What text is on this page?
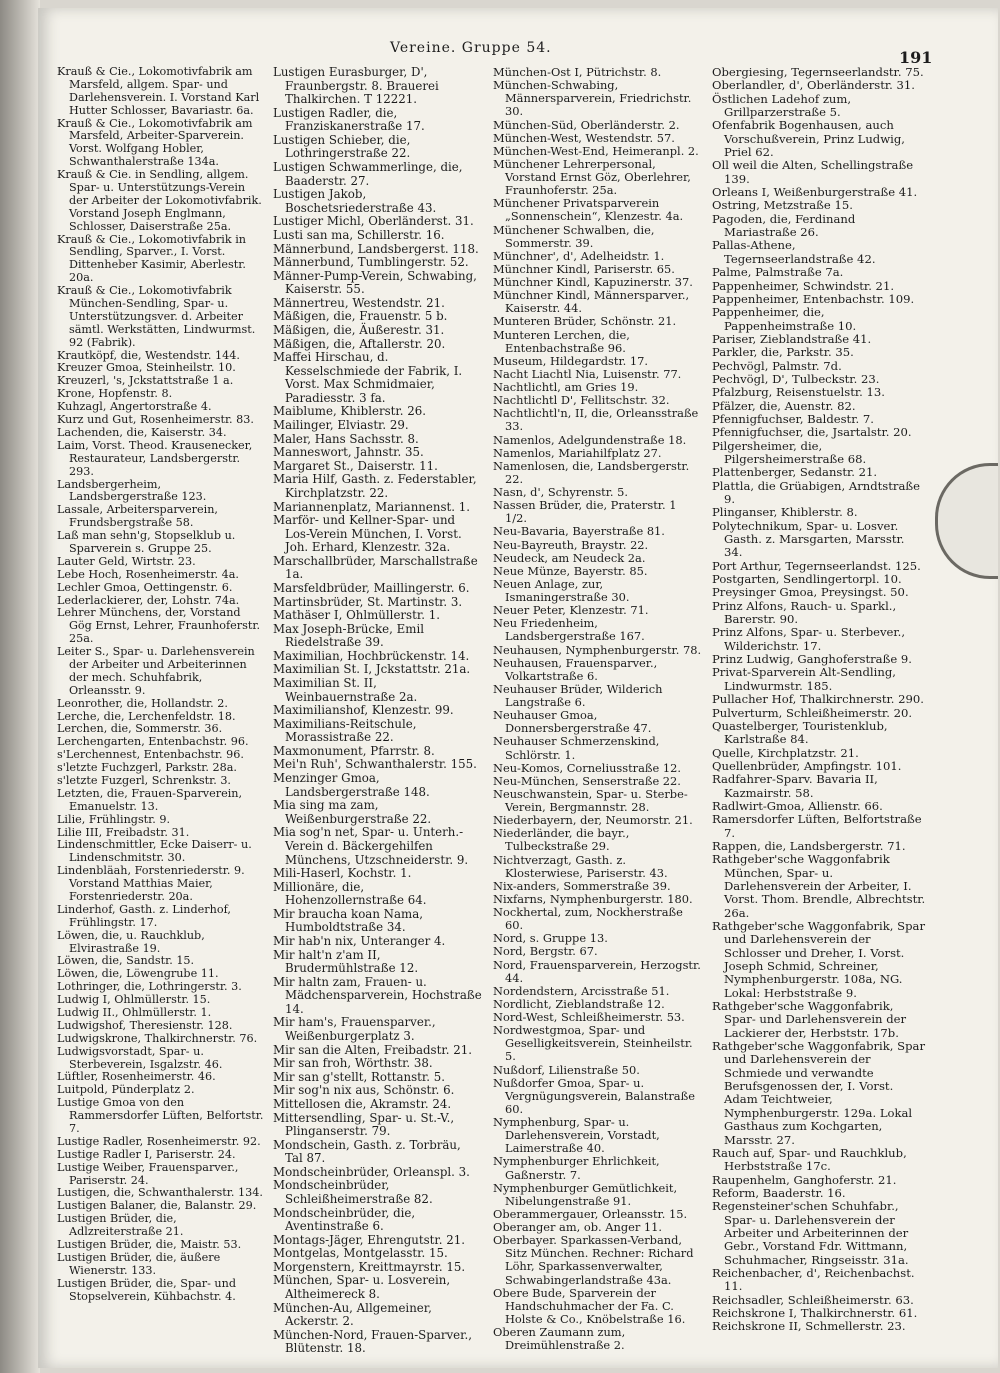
Vereine. Gruppe 54.	191
Krauß & Cie., Lokomotivfabrik am Marsfeld, allgem. Spar- und Darlehensverein. I. Vorstand Karl Hutter Schlosser, Bavariastr. 6a.
Krauß & Cie., Lokomotivfabrik am Marsfeld, Arbeiter-Sparverein. Vorst. Wolfgang Hobler, Schwanthalerstraße 134a.
Krauß & Cie. in Sendling, allgem. Spar- u. Unterstützungs-Verein der Arbeiter der Lokomotivfabrik. Vorstand Joseph Englmann, Schlosser, Daiserstraße 25a.
Krauß & Cie., Lokomotivfabrik in Sendling, Sparver., I. Vorst. Dittenheber Kasimir, Aberlestr. 20a.
Krauß & Cie., Lokomotivfabrik München-Sendling, Spar- u. Unterstützungsver. d. Arbeiter sämtl. Werkstätten, Lindwurmst. 92 (Fabrik).
Krautköpf, die, Westendstr. 144.
Kreuzer Gmoa, Steinheilstr. 10.
Kreuzerl, 's, Jckstattstraße 1 a.
Krone, Hopfenstr. 8.
Kuhzagl, Angertorstraße 4.
Kurz und Gut, Rosenheimerstr. 83.
Lachenden, die, Kaiserstr. 34.
Laim, Vorst. Theod. Krausenecker, Restaurateur, Landsbergerstr. 293.
Landsbergerheim, Landsbergerstraße 123.
Lassale, Arbeitersparverein, Frundsbergstraße 58.
Laß man sehn'g, Stopselklub u. Sparverein s. Gruppe 25.
Lauter Geld, Wirtstr. 23.
Lebe Hoch, Rosenheimerstr. 4a.
Lechler Gmoa, Oettingenstr. 6.
Lederlackierer, der, Lohstr. 74a.
Lehrer Münchens, der, Vorstand Gög Ernst, Lehrer, Fraunhoferstr. 25a.
Leiter S., Spar- u. Darlehensverein der Arbeiter und Arbeiterinnen der mech. Schuhfabrik, Orleansstr. 9.
Leonrother, die, Hollandstr. 2.
Lerche, die, Lerchenfeldstr. 18.
Lerchen, die, Sommerstr. 36.
Lerchengarten, Entenbachstr. 96.
s'Lerchennest, Entenbachstr. 96.
s'letzte Fuchzgerl, Parkstr. 28a.
s'letzte Fuzgerl, Schrenkstr. 3.
Letzten, die, Frauen-Sparverein, Emanuelstr. 13.
Lilie, Frühlingstr. 9.
Lilie III, Freibadstr. 31.
Lindenschmittler, Ecke Daiserr- u. Lindenschmitstr. 30.
Lindenbläah, Forstenriederstr. 9. Vorstand Matthias Maier, Forstenriederstr. 20a.
Linderhof, Gasth. z. Linderhof, Frühlingstr. 17.
Löwen, die, u. Rauchklub, Elvirastraße 19.
Löwen, die, Sandstr. 15.
Löwen, die, Löwengrube 11.
Lothringer, die, Lothringerstr. 3.
Ludwig I, Ohlmüllerstr. 15.
Ludwig II., Ohlmüllerstr. 1.
Ludwigshof, Theresienstr. 128.
Ludwigskrone, Thalkirchnerstr. 76.
Ludwigsvorstadt, Spar- u. Sterbeverein, Isgalzstr. 46.
Lüftler, Rosenheimerstr. 46.
Luitpold, Pünderplatz 2.
Lustige Gmoa von den Rammersdorfer Lüften, Belfortstr. 7.
Lustige Radler, Rosenheimerstr. 92.
Lustige Radler I, Pariserstr. 24.
Lustige Weiber, Frauensparver., Pariserstr. 24.
Lustigen, die, Schwanthalerstr. 134.
Lustigen Balaner, die, Balanstr. 29.
Lustigen Brüder, die, Adlzreiterstraße 21.
Lustigen Brüder, die, Maistr. 53.
Lustigen Brüder, die, äußere Wienerstr. 133.
Lustigen Brüder, die, Spar- und Stopselverein, Kühbachstr. 4.
Lustigen Eurasburger, D', Fraunbergstr. 8. Brauerei Thalkirchen. T 12221.
Lustigen Radler, die, Franziskanerstraße 17.
Lustigen Schieber, die, Lothringerstraße 22.
Lustigen Schwammerlinge, die, Baaderstr. 27.
Lustigen Jakob, Boschetsriederstraße 43.
Lustiger Michl, Oberländerst. 31.
Lusti san ma, Schillerstr. 16.
Männerbund, Landsbergerst. 118.
Männerbund, Tumblingerstr. 52.
Männer-Pump-Verein, Schwabing, Kaiserstr. 55.
Männertreu, Westendstr. 21.
Mäßigen, die, Frauenstr. 5 b.
Mäßigen, die, Äußerestr. 31.
Mäßigen, die, Aftallerstr. 20.
Maffei Hirschau, d. Kesselschmiede der Fabrik, I. Vorst. Max Schmidmaier, Paradiesstr. 3 fa.
Maiblume, Khiblerstr. 26.
Mailinger, Elviastr. 29.
Maler, Hans Sachsstr. 8.
Manneswort, Jahnstr. 35.
Margaret St., Daiserstr. 11.
Maria Hilf, Gasth. z. Federstabler, Kirchplatzstr. 22.
Mariannenplatz, Mariannenst. 1.
Marför- und Kellner-Spar- und Los-Verein München, I. Vorst. Joh. Erhard, Klenzestr. 32a.
Marschallbrüder, Marschallstraße 1a.
Marsfeldbrüder, Maillingerstr. 6.
Martinsbrüder, St. Martinstr. 3.
Mathäser I, Ohlmüllerstr. 1.
Max Joseph-Brücke, Emil Riedelstraße 39.
Maximilian, Hochbrückenstr. 14.
Maximilian St. I, Jckstattstr. 21a.
Maximilian St. II, Weinbauernstraße 2a.
Maximilianshof, Klenzestr. 99.
Maximilians-Reitschule, Morassistraße 22.
Maxmonument, Pfarrstr. 8.
Mei'n Ruh', Schwanthalerstr. 155.
Menzinger Gmoa, Landsbergerstraße 148.
Mia sing ma zam, Weißenburgerstraße 22.
Mia sog'n net, Spar- u. Unterh.-Verein d. Bäckergehilfen Münchens, Utzschneiderstr. 9.
Mili-Haserl, Kochstr. 1.
Millionäre, die, Hohenzollernstraße 64.
Mir braucha koan Nama, Humboldtstraße 34.
Mir hab'n nix, Unteranger 4.
Mir halt'n z'am II, Brudermühlstraße 12.
Mir haltn zam, Frauen- u. Mädchensparverein, Hochstraße 14.
Mir ham's, Frauensparver., Weißenburgerplatz 3.
Mir san die Alten, Freibadstr. 21.
Mir san froh, Wörthstr. 38.
Mir san g'stellt, Rottanstr. 5.
Mir sog'n nix aus, Schönstr. 6.
Mittellosen die, Akramstr. 24.
Mittersendling, Spar- u. St.-V., Plinganserstr. 79.
Mondschein, Gasth. z. Torbräu, Tal 87.
Mondscheinbrüder, Orleanspl. 3.
Mondscheinbrüder, Schleißheimerstraße 82.
Mondscheinbrüder, die, Aventinstraße 6.
Montags-Jäger, Ehrengutstr. 21.
Montgelas, Montgelasstr. 15.
Morgenstern, Kreittmayrstr. 15.
München, Spar- u. Losverein, Altheimereck 8.
München-Au, Allgemeiner, Ackerstr. 2.
München-Nord, Frauen-Sparver., Blütenstr. 18.
München-Ost I, Pütrichstr. 8.
München-Schwabing, Männersparverein, Friedrichstr. 30.
München-Süd, Oberländerstr. 2.
München-West, Westendstr. 57.
München-West-End, Heimeranpl. 2.
Münchener Lehrerpersonal, Vorstand Ernst Göz, Oberlehrer, Fraunhoferstr. 25a.
Münchener Privatsparverein „Sonnenschein“, Klenzestr. 4a.
Münchener Schwalben, die, Sommerstr. 39.
Münchner', d', Adelheidstr. 1.
Münchner Kindl, Pariserstr. 65.
Münchner Kindl, Kapuzinerstr. 37.
Münchner Kindl, Männersparver., Kaiserstr. 44.
Munteren Brüder, Schönstr. 21.
Munteren Lerchen, die, Entenbachstraße 96.
Museum, Hildegardstr. 17.
Nacht Liachtl Nia, Luisenstr. 77.
Nachtlichtl, am Gries 19.
Nachtlichtl D', Fellitschstr. 32.
Nachtlichtl'n, II, die, Orleansstraße 33.
Namenlos, Adelgundenstraße 18.
Namenlos, Mariahilfplatz 27.
Namenlosen, die, Landsbergerstr. 22.
Nasn, d', Schyrenstr. 5.
Nassen Brüder, die, Praterstr. 1 1/2.
Neu-Bavaria, Bayerstraße 81.
Neu-Bayreuth, Braystr. 22.
Neudeck, am Neudeck 2a.
Neue Münze, Bayerstr. 85.
Neuen Anlage, zur, Ismaningerstraße 30.
Neuer Peter, Klenzestr. 71.
Neu Friedenheim, Landsbergerstraße 167.
Neuhausen, Nymphenburgerstr. 78.
Neuhausen, Frauensparver., Volkartstraße 6.
Neuhauser Brüder, Wilderich Langstraße 6.
Neuhauser Gmoa, Donnersbergerstraße 47.
Neuhauser Schmerzenskind, Schlörstr. 1.
Neu-Komos, Corneliusstraße 12.
Neu-München, Senserstraße 22.
Neuschwanstein, Spar- u. Sterbe-Verein, Bergmannstr. 28.
Niederbayern, der, Neumorstr. 21.
Niederländer, die bayr., Tulbeckstraße 29.
Nichtverzagt, Gasth. z. Klosterwiese, Pariserstr. 43.
Nix-anders, Sommerstraße 39.
Nixfarns, Nymphenburgerstr. 180.
Nockhertal, zum, Nockherstraße 60.
Nord, s. Gruppe 13.
Nord, Bergstr. 67.
Nord, Frauensparverein, Herzogstr. 44.
Nordendstern, Arcisstraße 51.
Nordlicht, Zieblandstraße 12.
Nord-West, Schleißheimerstr. 53.
Nordwestgmoa, Spar- und Geselligkeitsverein, Steinheilstr. 5.
Nußdorf, Lilienstraße 50.
Nußdorfer Gmoa, Spar- u. Vergnügungsverein, Balanstraße 60.
Nymphenburg, Spar- u. Darlehensverein, Vorstadt, Laimerstraße 40.
Nymphenburger Ehrlichkeit, Gaßnerstr. 7.
Nymphenburger Gemütlichkeit, Nibelungenstraße 91.
Oberammergauer, Orleansstr. 15.
Oberanger am, ob. Anger 11.
Oberbayer. Sparkassen-Verband, Sitz München. Rechner: Richard Löhr, Sparkassenverwalter, Schwabingerlandstraße 43a.
Obere Bude, Sparverein der Handschuhmacher der Fa. C. Holste & Co., Knöbelstraße 16.
Oberen Zaumann zum, Dreimühlenstraße 2.
Obergiesing, Tegernseerlandstr. 75.
Oberlandler, d', Oberländerstr. 31.
Östlichen Ladehof zum, Grillparzerstraße 5.
Ofenfabrik Bogenhausen, auch Vorschußverein, Prinz Ludwig, Priel 62.
Oll weil die Alten, Schellingstraße 139.
Orleans I, Weißenburgerstraße 41.
Ostring, Metzstraße 15.
Pagoden, die, Ferdinand Mariastraße 26.
Pallas-Athene, Tegernseerlandstraße 42.
Palme, Palmstraße 7a.
Pappenheimer, Schwindstr. 21.
Pappenheimer, Entenbachstr. 109.
Pappenheimer, die, Pappenheimstraße 10.
Pariser, Zieblandstraße 41.
Parkler, die, Parkstr. 35.
Pechvögl, Palmstr. 7d.
Pechvögl, D', Tulbeckstr. 23.
Pfalzburg, Reisenstuelstr. 13.
Pfälzer, die, Auenstr. 82.
Pfennigfuchser, Baldestr. 7.
Pfennigfuchser, die, Jsartalstr. 20.
Pilgersheimer, die, Pilgersheimerstraße 68.
Plattenberger, Sedanstr. 21.
Plattla, die Grüabigen, Arndtstraße 9.
Plinganser, Khiblerstr. 8.
Polytechnikum, Spar- u. Losver. Gasth. z. Marsgarten, Marsstr. 34.
Port Arthur, Tegernseerlandst. 125.
Postgarten, Sendlingertorpl. 10.
Preysinger Gmoa, Preysingst. 50.
Prinz Alfons, Rauch- u. Sparkl., Barerstr. 90.
Prinz Alfons, Spar- u. Sterbever., Wilderichstr. 17.
Prinz Ludwig, Ganghoferstraße 9.
Privat-Sparverein Alt-Sendling, Lindwurmstr. 185.
Pullacher Hof, Thalkirchnerstr. 290.
Pulverturm, Schleißheimerstr. 20.
Quastelberger, Touristenklub, Karlstraße 84.
Quelle, Kirchplatzstr. 21.
Quellenbrüder, Ampfingstr. 101.
Radfahrer-Sparv. Bavaria II, Kazmairstr. 58.
Radlwirt-Gmoa, Allienstr. 66.
Ramersdorfer Lüften, Belfortstraße 7.
Rappen, die, Landsbergerstr. 71.
Rathgeber'sche Waggonfabrik München, Spar- u. Darlehensverein der Arbeiter, I. Vorst. Thom. Brendle, Albrechtstr. 26a.
Rathgeber'sche Waggonfabrik, Spar und Darlehensverein der Schlosser und Dreher, I. Vorst. Joseph Schmid, Schreiner, Nymphenburgerstr. 108a, NG. Lokal: Herbststraße 9.
Rathgeber'sche Waggonfabrik, Spar- und Darlehensverein der Lackierer der, Herbststr. 17b.
Rathgeber'sche Waggonfabrik, Spar und Darlehensverein der Schmiede und verwandte Berufsgenossen der, I. Vorst. Adam Teichtweier, Nymphenburgerstr. 129a. Lokal Gasthaus zum Kochgarten, Marsstr. 27.
Rauch auf, Spar- und Rauchklub, Herbststraße 17c.
Raupenhelm, Ganghoferstr. 21.
Reform, Baaderstr. 16.
Regensteiner'schen Schuhfabr., Spar- u. Darlehensverein der Arbeiter und Arbeiterinnen der Gebr., Vorstand Fdr. Wittmann, Schuhmacher, Ringseisstr. 31a.
Reichenbacher, d', Reichenbachst. 11.
Reichsadler, Schleißheimerstr. 63.
Reichskrone I, Thalkirchnerstr. 61.
Reichskrone II, Schmellerstr. 23.
